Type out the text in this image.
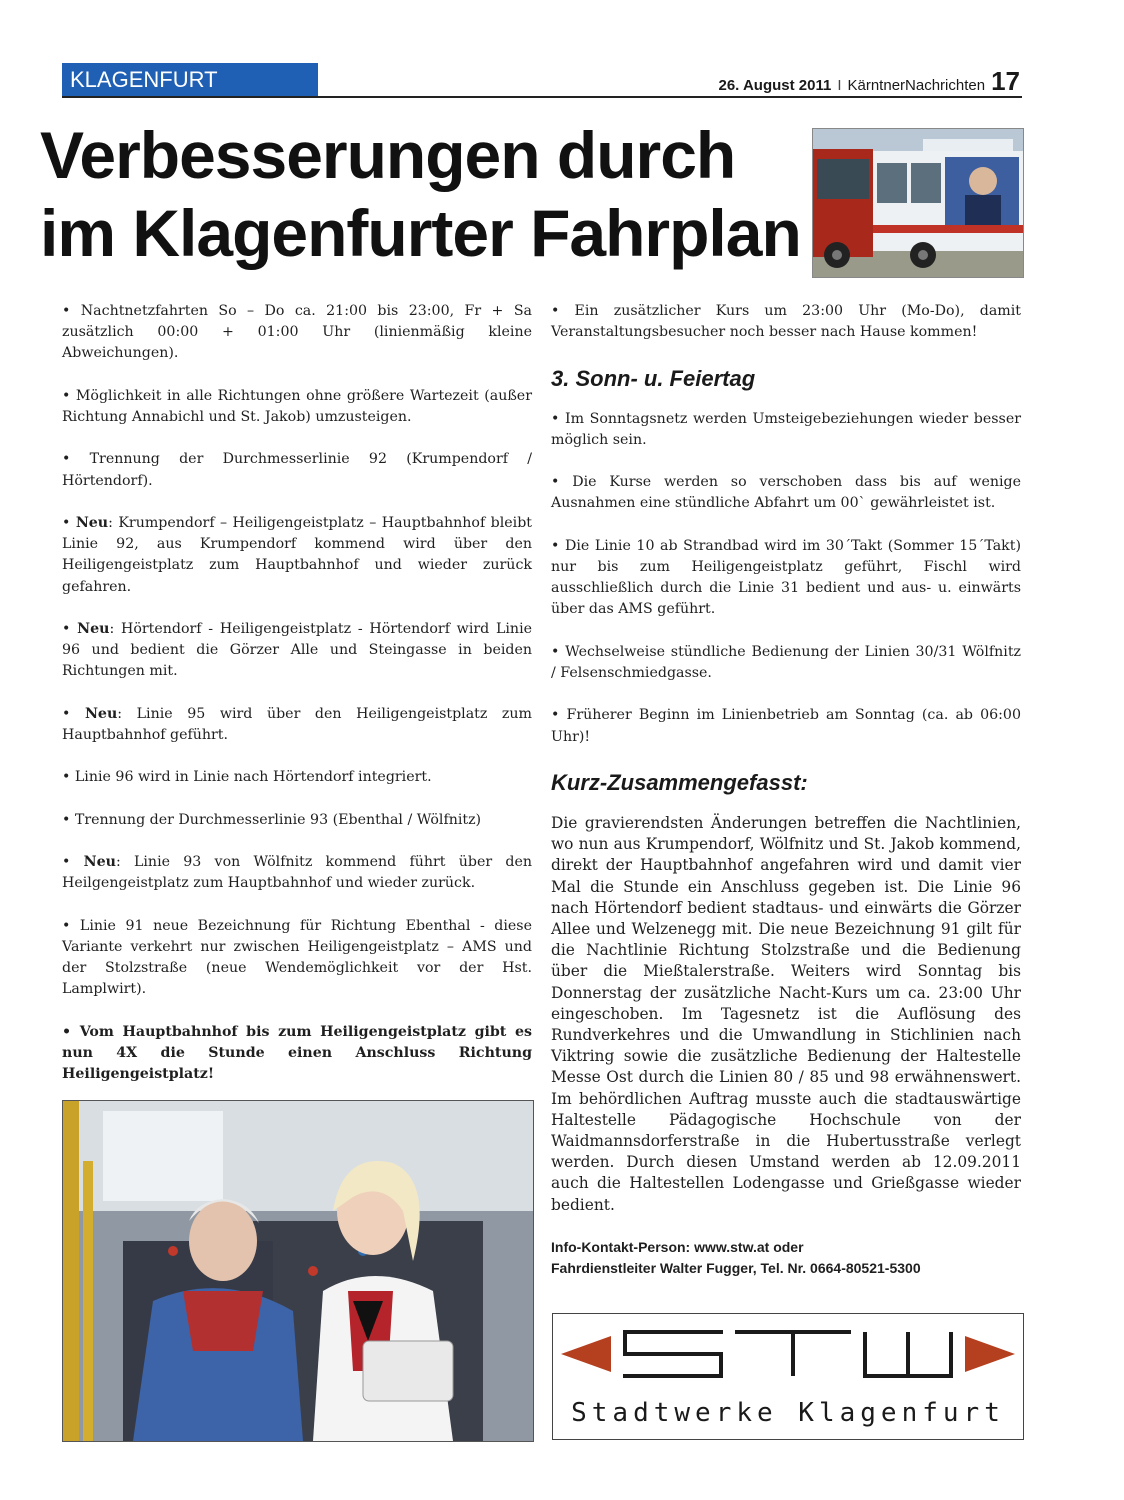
KLAGENFURT	26. August 2011 I KärntnerNachrichten 17
Verbesserungen durch
im Klagenfurter Fahrplan

• Nachtnetzfahrten So – Do ca. 21:00 bis 23:00, Fr + Sa zusätzlich 00:00 + 01:00 Uhr (linienmäßig kleine Abweichungen).

• Möglichkeit in alle Richtungen ohne größere Wartezeit (außer Richtung Annabichl und St. Jakob) umzusteigen.

• Trennung der Durchmesserlinie 92 (Krumpendorf / Hörtendorf).

• Neu: Krumpendorf – Heiligengeistplatz – Hauptbahnhof bleibt Linie 92, aus Krumpendorf kommend wird über den Heiligengeistplatz zum Hauptbahnhof und wieder zurück gefahren.

• Neu: Hörtendorf - Heiligengeistplatz - Hörtendorf wird Linie 96 und bedient die Görzer Alle und Steingasse in beiden Richtungen mit.

• Neu: Linie 95 wird über den Heiligengeistplatz zum Hauptbahnhof geführt.

• Linie 96 wird in Linie nach Hörtendorf integriert.

• Trennung der Durchmesserlinie 93 (Ebenthal / Wölfnitz)

• Neu: Linie 93 von Wölfnitz kommend führt über den Heilgengeistplatz zum Hauptbahnhof und wieder zurück.

• Linie 91 neue Bezeichnung für Richtung Ebenthal - diese Variante verkehrt nur zwischen Heiligengeistplatz – AMS und der Stolzstraße (neue Wendemöglichkeit vor der Hst. Lamplwirt).

• Vom Hauptbahnhof bis zum Heiligengeistplatz gibt es nun 4X die Stunde einen Anschluss Richtung Heiligengeistplatz!

• Ein zusätzlicher Kurs um 23:00 Uhr (Mo-Do), damit Veranstaltungsbesucher noch besser nach Hause kommen!

3. Sonn- u. Feiertag

• Im Sonntagsnetz werden Umsteigebeziehungen wieder besser möglich sein.

• Die Kurse werden so verschoben dass bis auf wenige Ausnahmen eine stündliche Abfahrt um 00` gewährleistet ist.

• Die Linie 10 ab Strandbad wird im 30´Takt (Sommer 15´Takt) nur bis zum Heiligengeistplatz geführt, Fischl wird ausschließlich durch die Linie 31 bedient und aus- u. einwärts über das AMS geführt.

• Wechselweise stündliche Bedienung der Linien 30/31 Wölfnitz / Felsenschmiedgasse.

• Früherer Beginn im Linienbetrieb am Sonntag (ca. ab 06:00 Uhr)!

Kurz-Zusammengefasst:

Die gravierendsten Änderungen betreffen die Nachtlinien, wo nun aus Krumpendorf, Wölfnitz und St. Jakob kommend, direkt der Hauptbahnhof angefahren wird und damit vier Mal die Stunde ein Anschluss gegeben ist. Die Linie 96 nach Hörtendorf bedient stadtaus- und einwärts die Görzer Allee und Welzenegg mit. Die neue Bezeichnung 91 gilt für die Nachtlinie Richtung Stolzstraße und die Bedienung über die Mießtalerstraße. Weiters wird Sonntag bis Donnerstag der zusätzliche Nacht-Kurs um ca. 23:00 Uhr eingeschoben. Im Tagesnetz ist die Auflösung des Rundverkehres und die Umwandlung in Stichlinien nach Viktring sowie die zusätzliche Bedienung der Haltestelle Messe Ost durch die Linien 80 / 85 und 98 erwähnenswert. Im behördlichen Auftrag musste auch die stadtauswärtige Haltestelle Pädagogische Hochschule von der Waidmannsdorferstraße in die Hubertusstraße verlegt werden. Durch diesen Umstand werden ab 12.09.2011 auch die Haltestellen Lodengasse und Grießgasse wieder bedient.

Info-Kontakt-Person: www.stw.at oder
Fahrdienstleiter Walter Fugger, Tel. Nr. 0664-80521-5300

Stadtwerke Klagenfurt
